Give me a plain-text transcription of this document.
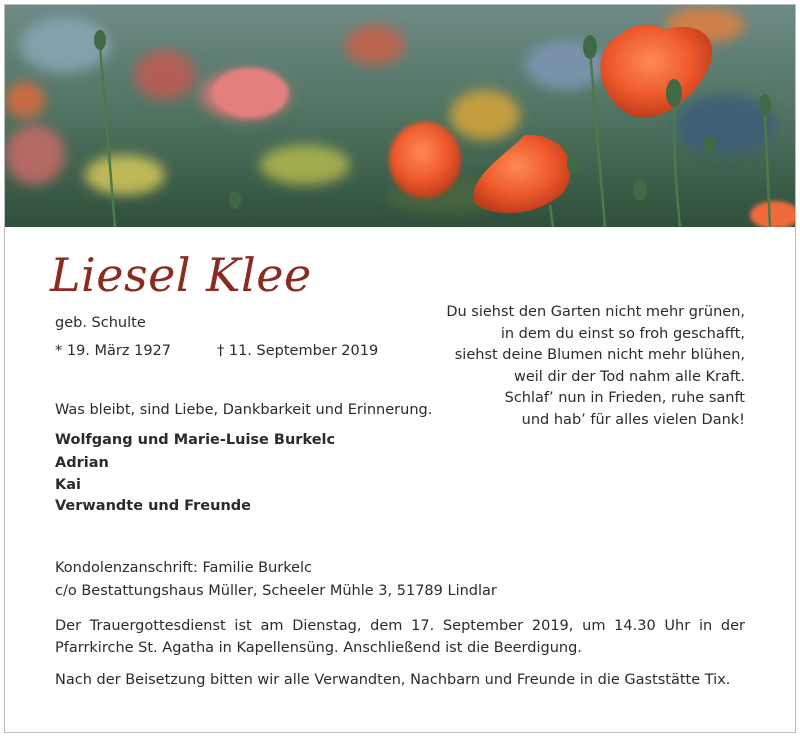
Liesel Klee
geb. Schulte
* 19. März 1927	† 11. September 2019
Du siehst den Garten nicht mehr grünen,
in dem du einst so froh geschafft,
siehst deine Blumen nicht mehr blühen,
weil dir der Tod nahm alle Kraft.
Schlaf’ nun in Frieden, ruhe sanft
und hab’ für alles vielen Dank!
Was bleibt, sind Liebe, Dankbarkeit und Erinnerung.
Wolfgang und Marie-Luise Burkelc
Adrian
Kai
Verwandte und Freunde
Kondolenzanschrift: Familie Burkelc
c/o Bestattungshaus Müller, Scheeler Mühle 3, 51789 Lindlar
Der Trauergottesdienst ist am Dienstag, dem 17. September 2019, um 14.30 Uhr in der Pfarrkirche St. Agatha in Kapellensüng. Anschließend ist die Beerdigung.
Nach der Beisetzung bitten wir alle Verwandten, Nachbarn und Freunde in die Gaststätte Tix.
